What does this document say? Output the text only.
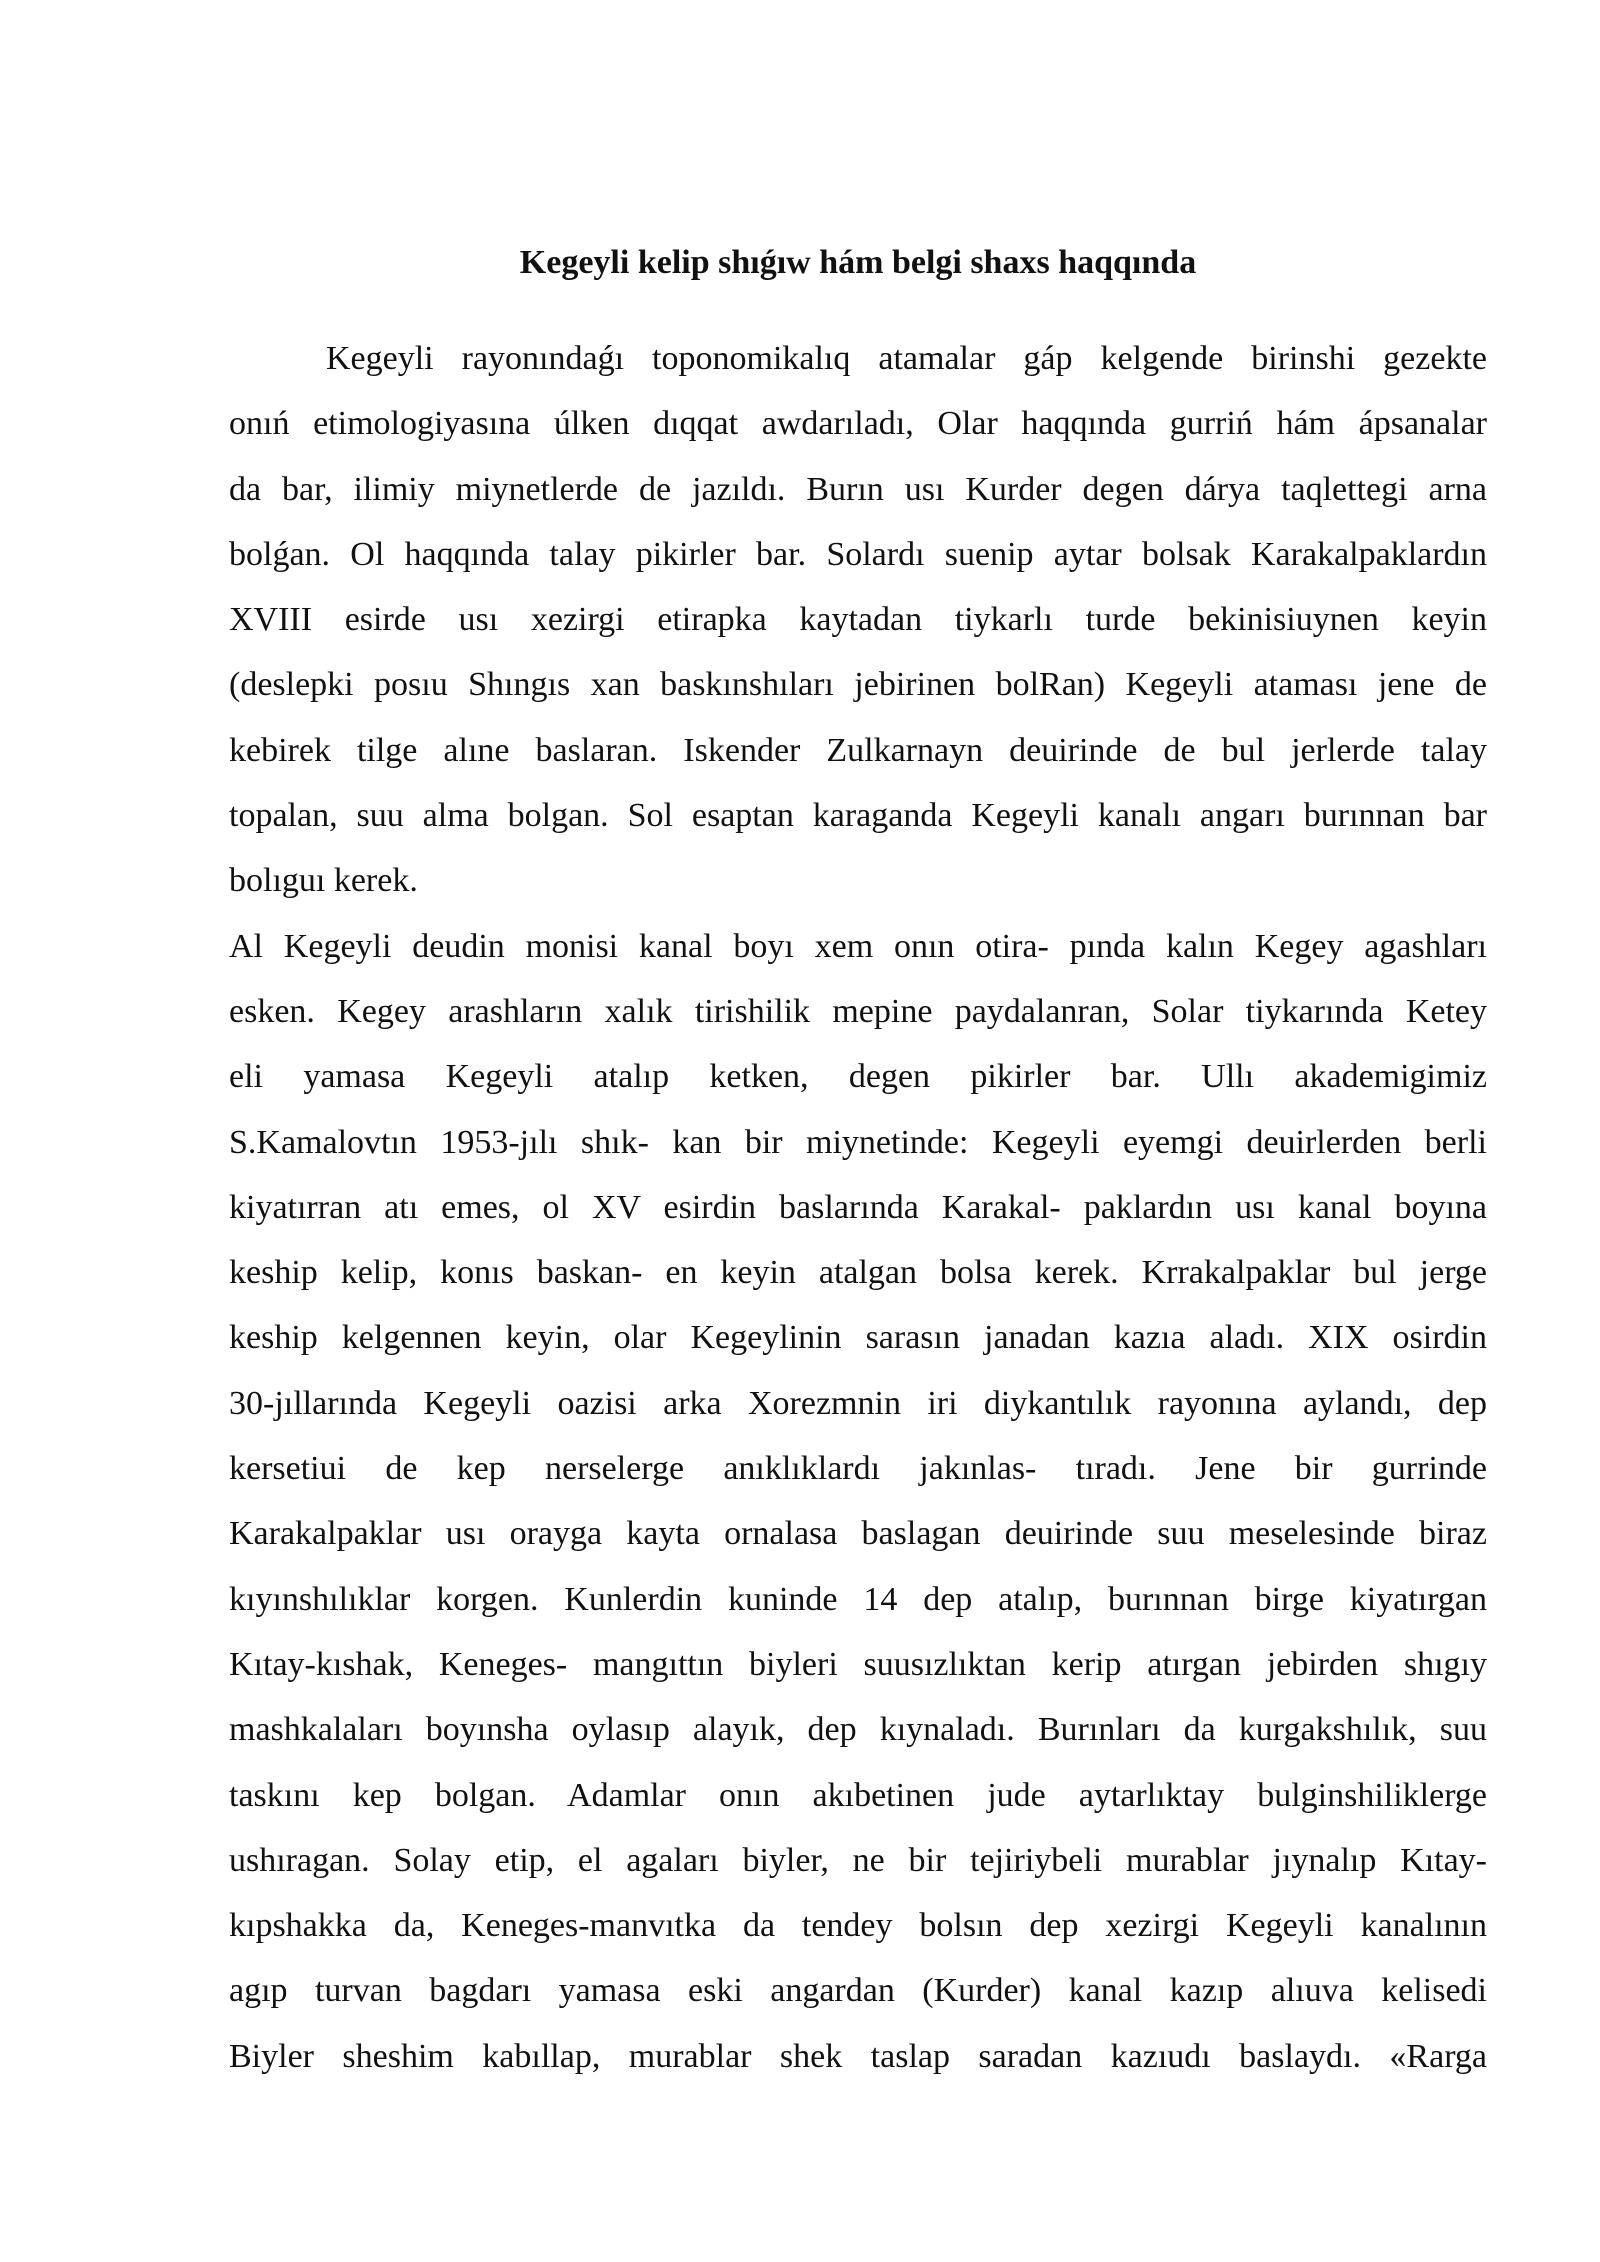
Kegeyli kelip shıǵıw hám belgi shaxs haqqında
Kegeyli rayonındaǵı toponomikalıq atamalar gáp kelgende birinshi gezekte
onıń etimologiyasına úlken dıqqat awdarıladı, Olar haqqında gurriń hám ápsanalar
da bar, ilimiy miynetlerde de jazıldı. Burın usı Kurder degen dárya taqlettegi arna
bolǵan. Ol haqqında talay pikirler bar. Solardı suenip aytar bolsak Karakalpaklardın
XVIII esirde usı xezirgi etirapka kaytadan tiykarlı turde bekinisiuynen keyin
(deslepki posıu Shıngıs xan baskınshıları jebirinen bolRan) Kegeyli ataması jene de
kebirek tilge alıne baslaran. Iskender Zulkarnayn deuirinde de bul jerlerde talay
topalan, suu alma bolgan. Sol esaptan karaganda Kegeyli kanalı angarı burınnan bar
bolıguı kerek.
Al Kegeyli deudin monisi kanal boyı xem onın otira- pında kalın Kegey agashları
esken. Kegey arashların xalık tirishilik mepine paydalanran, Solar tiykarında Ketey
eli yamasa Kegeyli atalıp ketken, degen pikirler bar. Ullı akademigimiz
S.Kamalovtın 1953-jılı shık- kan bir miynetinde: Kegeyli eyemgi deuirlerden berli
kiyatırran atı emes, ol XV esirdin baslarında Karakal- paklardın usı kanal boyına
keship kelip, konıs baskan- en keyin atalgan bolsa kerek. Krrakalpaklar bul jerge
keship kelgennen keyin, olar Kegeylinin sarasın janadan kazıa aladı. XIX osirdin
30-jıllarında Kegeyli oazisi arka Xorezmnin iri diykantılık rayonına aylandı, dep
kersetiui de kep nerselerge anıklıklardı jakınlas- tıradı. Jene bir gurrinde
Karakalpaklar usı orayga kayta ornalasa baslagan deuirinde suu meselesinde biraz
kıyınshılıklar korgen. Kunlerdin kuninde 14 dep atalıp, burınnan birge kiyatırgan
Kıtay-kıshak, Keneges- mangıttın biyleri suusızlıktan kerip atırgan jebirden shıgıy
mashkalaları boyınsha oylasıp alayık, dep kıynaladı. Burınları da kurgakshılık, suu
taskını kep bolgan. Adamlar onın akıbetinen jude aytarlıktay bulginshiliklerge
ushıragan. Solay etip, el agaları biyler, ne bir tejiriybeli murablar jıynalıp Kıtay-
kıpshakka da, Keneges-manvıtka da tendey bolsın dep xezirgi Kegeyli kanalının
agıp turvan bagdarı yamasa eski angardan (Kurder) kanal kazıp alıuva kelisedi
Biyler sheshim kabıllap, murablar shek taslap saradan kazıudı baslaydı. «Rarga
